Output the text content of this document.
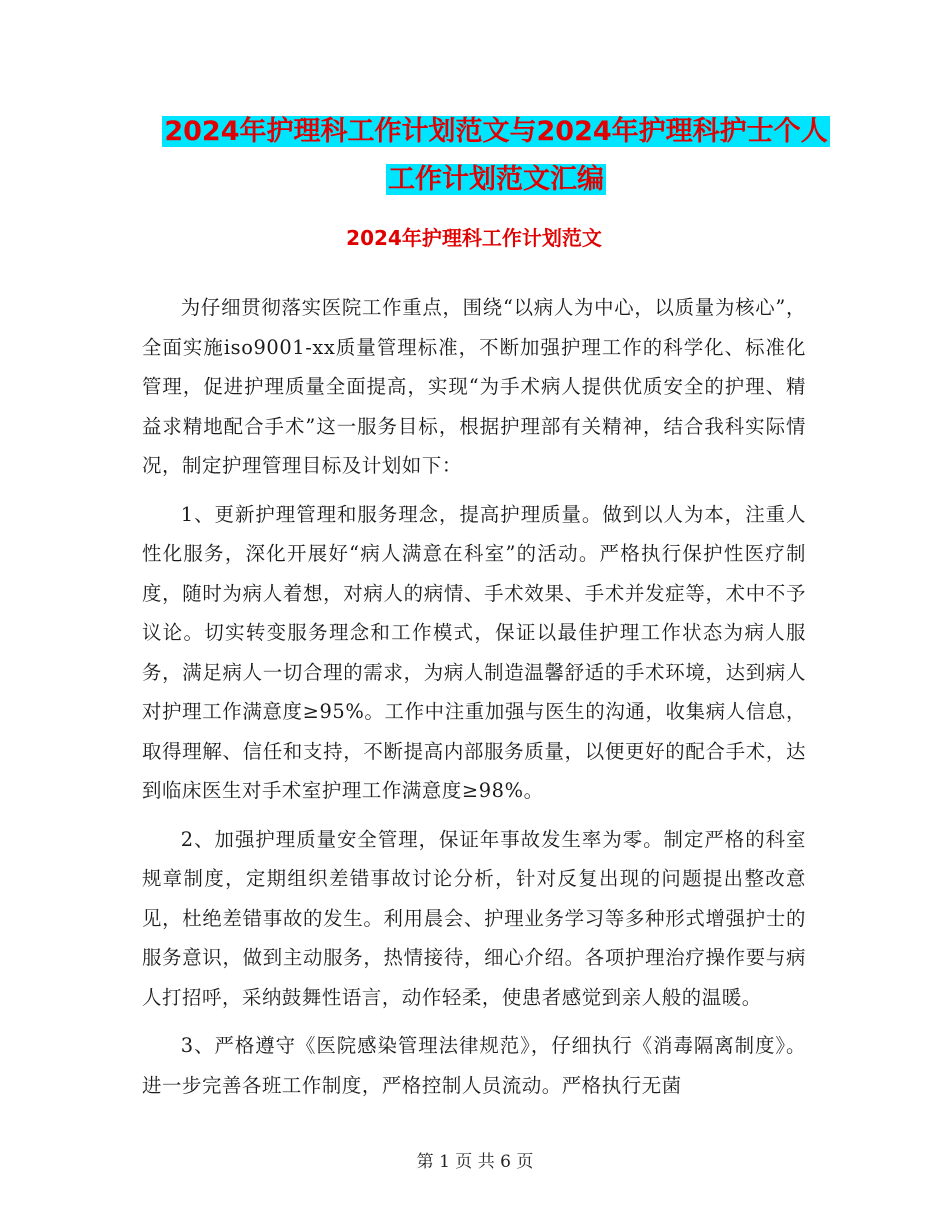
2024年护理科工作计划范文与2024年护理科护士个人
工作计划范文汇编
2024年护理科工作计划范文

为仔细贯彻落实医院工作重点，围绕“以病人为中心，以质量为核心”，全面实施iso9001-xx质量管理标准，不断加强护理工作的科学化、标准化管理，促进护理质量全面提高，实现“为手术病人提供优质安全的护理、精益求精地配合手术”这一服务目标，根据护理部有关精神，结合我科实际情况，制定护理管理目标及计划如下：

1、更新护理管理和服务理念，提高护理质量。做到以人为本，注重人性化服务，深化开展好“病人满意在科室”的活动。严格执行保护性医疗制度，随时为病人着想，对病人的病情、手术效果、手术并发症等，术中不予议论。切实转变服务理念和工作模式，保证以最佳护理工作状态为病人服务，满足病人一切合理的需求，为病人制造温馨舒适的手术环境，达到病人对护理工作满意度≥95%。工作中注重加强与医生的沟通，收集病人信息，取得理解、信任和支持，不断提高内部服务质量，以便更好的配合手术，达到临床医生对手术室护理工作满意度≥98%。

2、加强护理质量安全管理，保证年事故发生率为零。制定严格的科室规章制度，定期组织差错事故讨论分析，针对反复出现的问题提出整改意见，杜绝差错事故的发生。利用晨会、护理业务学习等多种形式增强护士的服务意识，做到主动服务，热情接待，细心介绍。各项护理治疗操作要与病人打招呼，采纳鼓舞性语言，动作轻柔，使患者感觉到亲人般的温暖。

3、严格遵守《医院感染管理法律规范》，仔细执行《消毒隔离制度》。进一步完善各班工作制度，严格控制人员流动。严格执行无菌

第 1 页 共 6 页
